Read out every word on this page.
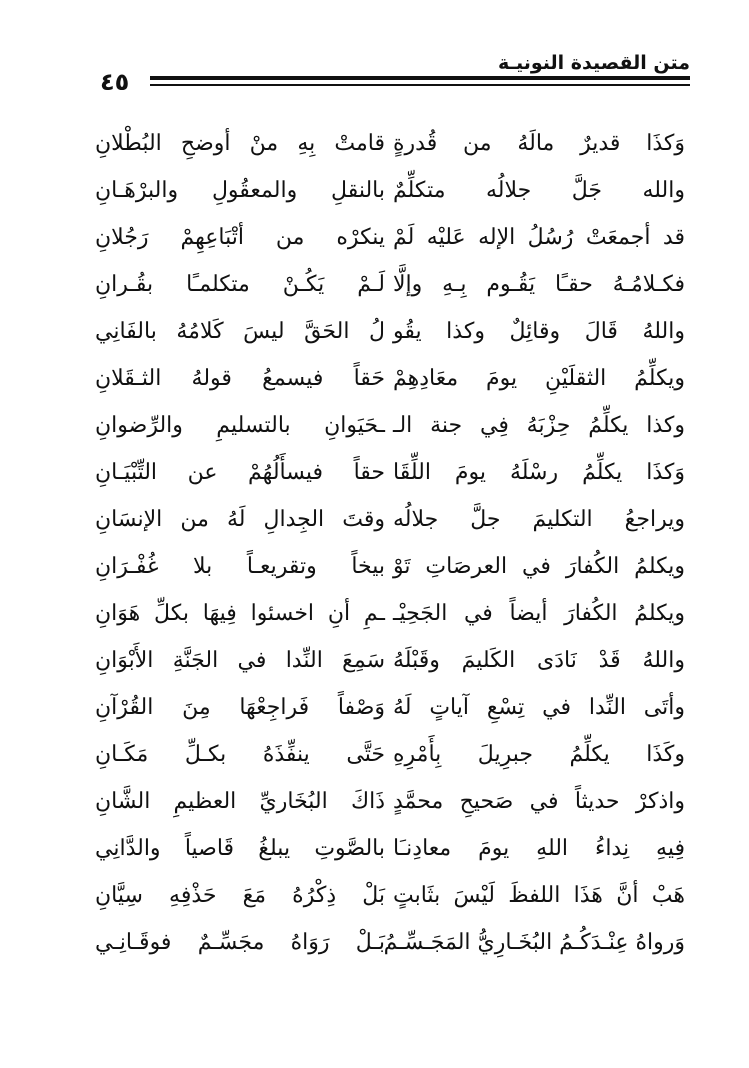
٤٥
متن القصيدة النونيـة
وَكذَا قديرٌ مالَهُ من قُدرةٍ
قامتْ بِهِ منْ أوضحِ البُطْلانِ
والله جَلَّ جلالُه متكلِّمٌ
بالنقلِ والمعقُولِ والبرْهَـانِ
قد أجمعَتْ رُسُلُ الإله عَليْه لَمْ
ينكرْه من أتْبَاعِهِمْ رَجُلانِ
فكـلامُـهُ حقـًا يَقُـوم بِـهِ وإلَّا
لَـمْ يَكُـنْ متكلمـًا بقُـرانِ
واللهُ قَالَ وقائِلٌ وكذا يقُو
لُ الحَقَّ ليسَ كَلامُهُ بالفَانِي
ويكلِّمُ الثقلَيْنِ يومَ معَادِهِمْ
حَقاً فيسمعُ قولهُ الثـقَلانِ
وكذا يكلِّمُ حِزْبَهُ فِي جنة الـ
ـحَيَوانِ بالتسليمِ والرِّضوانِ
وَكذَا يكلِّمُ رسْلَهُ يومَ اللِّقَا
حقاً فيسأَلُهُمْ عن التِّبْيَـانِ
ويراجعُ التكليمَ جلَّ جلالُه
وقتَ الجِدالِ لَهُ من الإنسَانِ
ويكلمُ الكُفارَ في العرصَاتِ تَوْ
بيخاً وتقريعـاً بلا غُفْـرَانِ
ويكلمُ الكُفارَ أيضاً في الجَحِيْـ
ـمِ أنِ اخسئوا فِيهَا بكلِّ هَوَانِ
واللهُ قَدْ نَادَى الكَليمَ وقَبْلَهُ
سَمِعَ النِّدا في الجَنَّةِ الأَبْوَانِ
وأتَى النِّدا في تِسْعِ آياتٍ لَهُ
وَصْفاً فَراجِعْهَا مِنَ القُرْآنِ
وكَذَا يكلِّمُ جبرِيلَ بِأَمْرِهِ
حَتَّى ينفِّذَهُ بكـلِّ مَكَـانِ
واذكرْ حديثاً في صَحيحِ محمَّدٍ
ذَاكَ البُخَاريِّ العظيمِ الشَّانِ
فِيهِ نِداءُ اللهِ يومَ معادِنـَا
بالصَّوتِ يبلغُ قَاصياً والدَّانِي
هَبْ أنَّ هَذَا اللفظَ لَيْسَ بثَابتٍ
بَلْ ذِكْرُهُ مَعَ حَذْفِهِ سِيَّانِ
وَرواهُ عِنْـدَكُـمُ البُخَـارِيُّ المَجَـسِّـمُ
بَـلْ رَوَاهُ مجَسِّـمٌ فوقَـانِـي
